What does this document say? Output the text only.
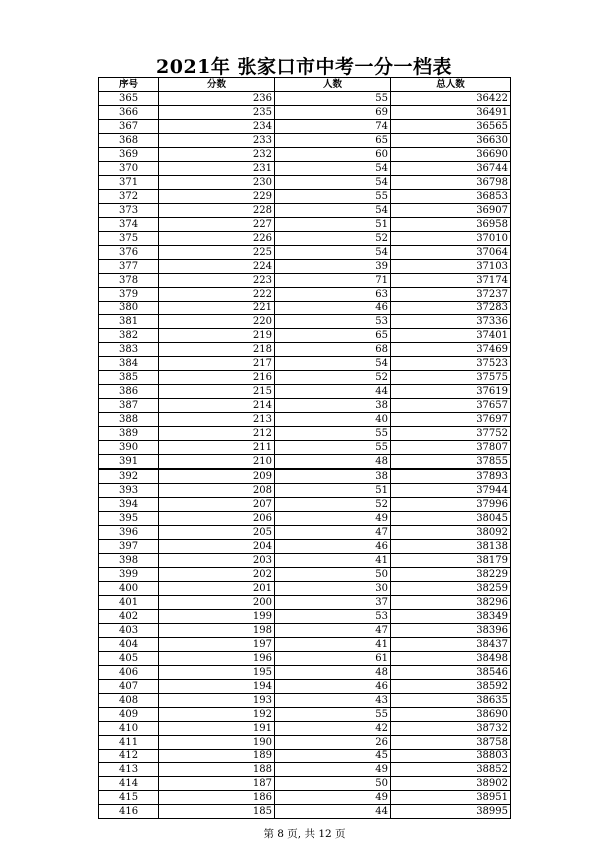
2021年 张家口市中考一分一档表
序号	分数	人数	总人数
365	236	55	36422
366	235	69	36491
367	234	74	36565
368	233	65	36630
369	232	60	36690
370	231	54	36744
371	230	54	36798
372	229	55	36853
373	228	54	36907
374	227	51	36958
375	226	52	37010
376	225	54	37064
377	224	39	37103
378	223	71	37174
379	222	63	37237
380	221	46	37283
381	220	53	37336
382	219	65	37401
383	218	68	37469
384	217	54	37523
385	216	52	37575
386	215	44	37619
387	214	38	37657
388	213	40	37697
389	212	55	37752
390	211	55	37807
391	210	48	37855
392	209	38	37893
393	208	51	37944
394	207	52	37996
395	206	49	38045
396	205	47	38092
397	204	46	38138
398	203	41	38179
399	202	50	38229
400	201	30	38259
401	200	37	38296
402	199	53	38349
403	198	47	38396
404	197	41	38437
405	196	61	38498
406	195	48	38546
407	194	46	38592
408	193	43	38635
409	192	55	38690
410	191	42	38732
411	190	26	38758
412	189	45	38803
413	188	49	38852
414	187	50	38902
415	186	49	38951
416	185	44	38995
第 8 页, 共 12 页
